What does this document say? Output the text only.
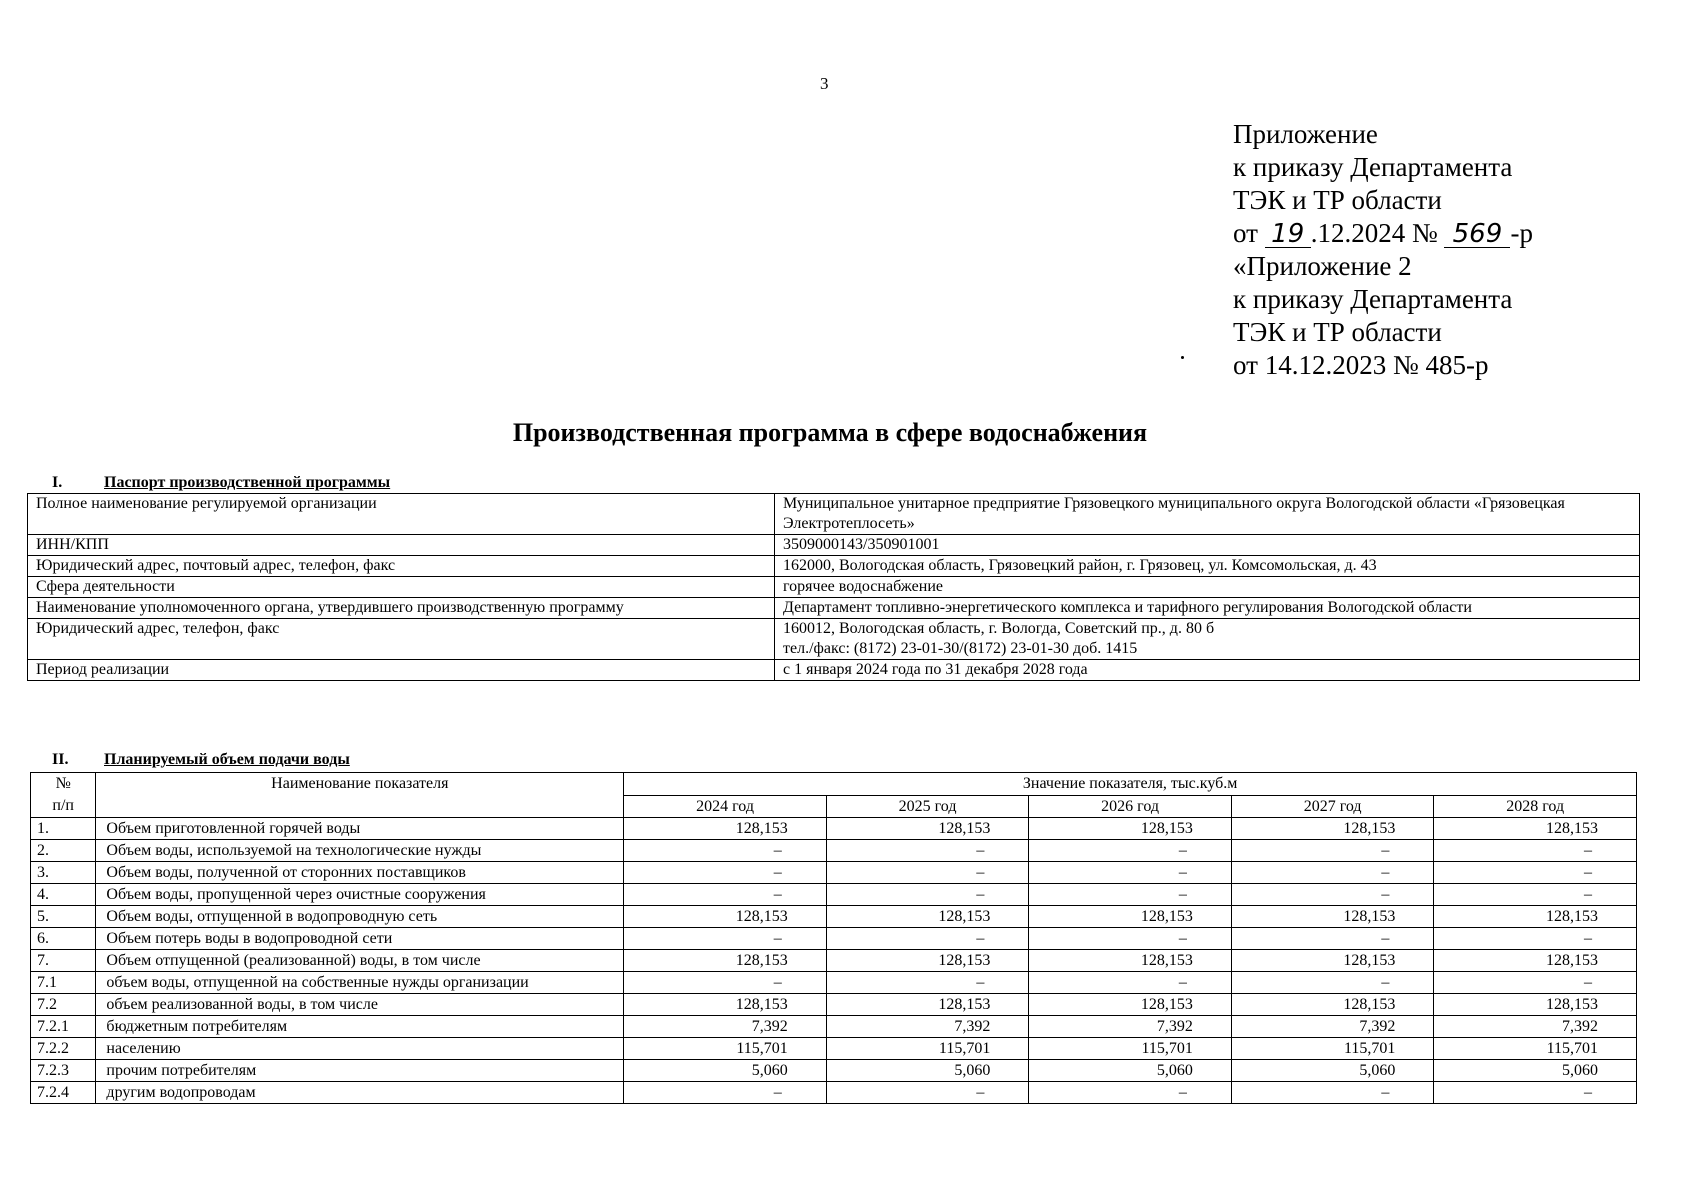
3
Приложение
к приказу Департамента
ТЭК и ТР области
от 19 .12.2024 № 569 -р
«Приложение 2
к приказу Департамента
ТЭК и ТР области
от 14.12.2023 № 485-р
Производственная программа в сфере водоснабжения
I.	Паспорт производственной программы
Полное наименование регулируемой организации	Муниципальное унитарное предприятие Грязовецкого муниципального округа Вологодской области «Грязовецкая Электротеплосеть»

ИНН/КПП	3509000143/350901001

Юридический адрес, почтовый адрес, телефон, факс	162000, Вологодская область, Грязовецкий район, г. Грязовец, ул. Комсомольская, д. 43

Сфера деятельности	горячее водоснабжение

Наименование уполномоченного органа, утвердившего производственную программу	Департамент топливно-энергетического комплекса и тарифного регулирования Вологодской области

Юридический адрес, телефон, факс	160012, Вологодская область, г. Вологда, Советский пр., д. 80 б
тел./факс: (8172) 23-01-30/(8172) 23-01-30 доб. 1415

Период реализации	с 1 января 2024 года по 31 декабря 2028 года
II. Планируемый объем подачи воды
№
п/п	Наименование показателя	Значение показателя, тыс.куб.м				
		2024 год	2025 год	2026 год	2027 год	2028 год
1.	Объем приготовленной горячей воды	128,153	128,153	128,153	128,153	128,153
2.	Объем воды, используемой на технологические нужды	–	–	–	–	–
3.	Объем воды, полученной от сторонних поставщиков	–	–	–	–	–
4.	Объем воды, пропущенной через очистные сооружения	–	–	–	–	–
5.	Объем воды, отпущенной в водопроводную сеть	128,153	128,153	128,153	128,153	128,153
6.	Объем потерь воды в водопроводной сети	–	–	–	–	–
7.	Объем отпущенной (реализованной) воды, в том числе	128,153	128,153	128,153	128,153	128,153
7.1	объем воды, отпущенной на собственные нужды организации	–	–	–	–	–
7.2	объем реализованной воды, в том числе	128,153	128,153	128,153	128,153	128,153
7.2.1	бюджетным потребителям	7,392	7,392	7,392	7,392	7,392
7.2.2	населению	115,701	115,701	115,701	115,701	115,701
7.2.3	прочим потребителям	5,060	5,060	5,060	5,060	5,060
7.2.4	другим водопроводам	–	–	–	–	–
